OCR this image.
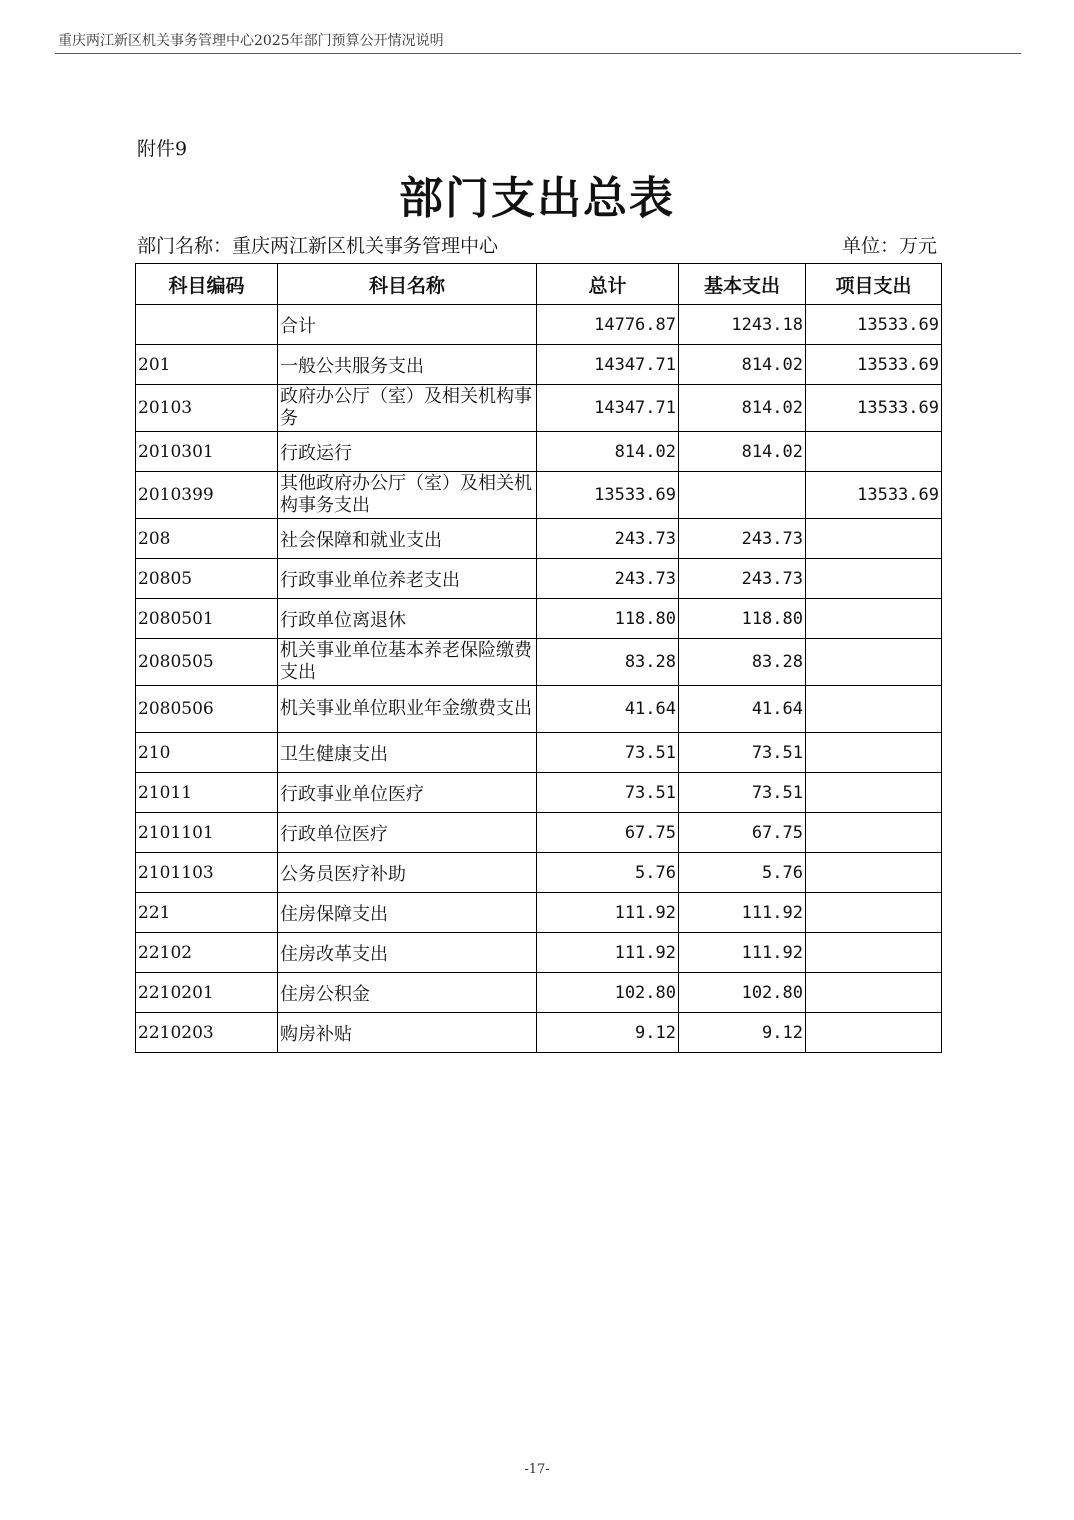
重庆两江新区机关事务管理中心2025年部门预算公开情况说明
附件9
部门支出总表
部门名称：重庆两江新区机关事务管理中心	单位：万元
科目编码	科目名称	总计	基本支出	项目支出
	合计	14776.87	1243.18	13533.69
201	一般公共服务支出	14347.71	814.02	13533.69
20103	政府办公厅（室）及相关机构事务	14347.71	814.02	13533.69
2010301	行政运行	814.02	814.02	
2010399	其他政府办公厅（室）及相关机构事务支出	13533.69		13533.69
208	社会保障和就业支出	243.73	243.73	
20805	行政事业单位养老支出	243.73	243.73	
2080501	行政单位离退休	118.80	118.80	
2080505	机关事业单位基本养老保险缴费支出	83.28	83.28	
2080506	机关事业单位职业年金缴费支出	41.64	41.64	
210	卫生健康支出	73.51	73.51	
21011	行政事业单位医疗	73.51	73.51	
2101101	行政单位医疗	67.75	67.75	
2101103	公务员医疗补助	5.76	5.76	
221	住房保障支出	111.92	111.92	
22102	住房改革支出	111.92	111.92	
2210201	住房公积金	102.80	102.80	
2210203	购房补贴	9.12	9.12	
-17-
